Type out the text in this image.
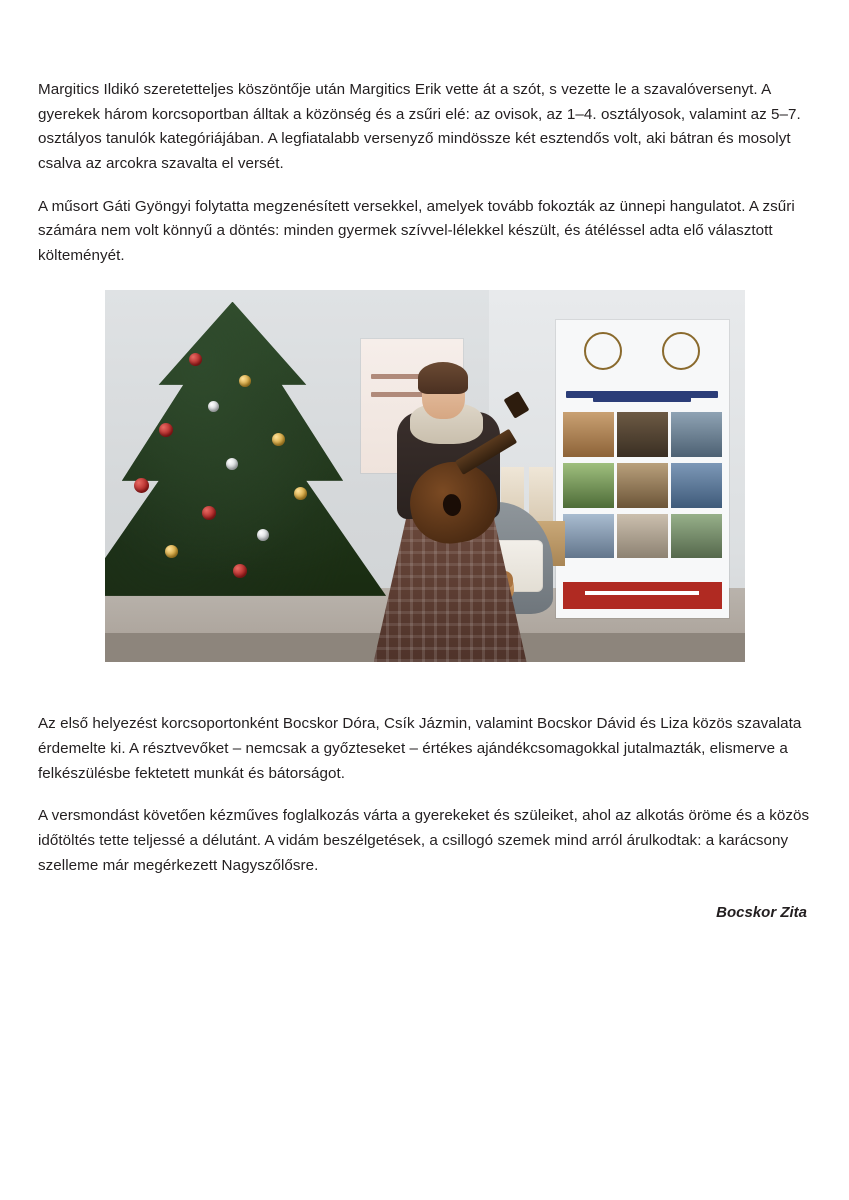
Margitics Ildikó szeretetteljes köszöntője után Margitics Erik vette át a szót, s vezette le a szavalóversenyt. A gyerekek három korcsoportban álltak a közönség és a zsűri elé: az ovisok, az 1–4. osztályosok, valamint az 5–7. osztályos tanulók kategóriájában. A legfiatalabb versenyző mindössze két esztendős volt, aki bátran és mosolyt csalva az arcokra szavalta el versét.

A műsort Gáti Gyöngyi folytatta megzenésített versekkel, amelyek tovább fokozták az ünnepi hangulatot. A zsűri számára nem volt könnyű a döntés: minden gyermek szívvel-lélekkel készült, és átéléssel adta elő választott költeményét.

Az első helyezést korcsoportonként Bocskor Dóra, Csík Jázmin, valamint Bocskor Dávid és Liza közös szavalata érdemelte ki. A résztvevőket – nemcsak a győzteseket – értékes ajándékcsomagokkal jutalmazták, elismerve a felkészülésbe fektetett munkát és bátorságot.

A versmondást követően kézműves foglalkozás várta a gyerekeket és szüleiket, ahol az alkotás öröme és a közös időtöltés tette teljessé a délutánt. A vidám beszélgetések, a csillogó szemek mind arról árulkodtak: a karácsony szelleme már megérkezett Nagyszőlősre.

Bocskor Zita
